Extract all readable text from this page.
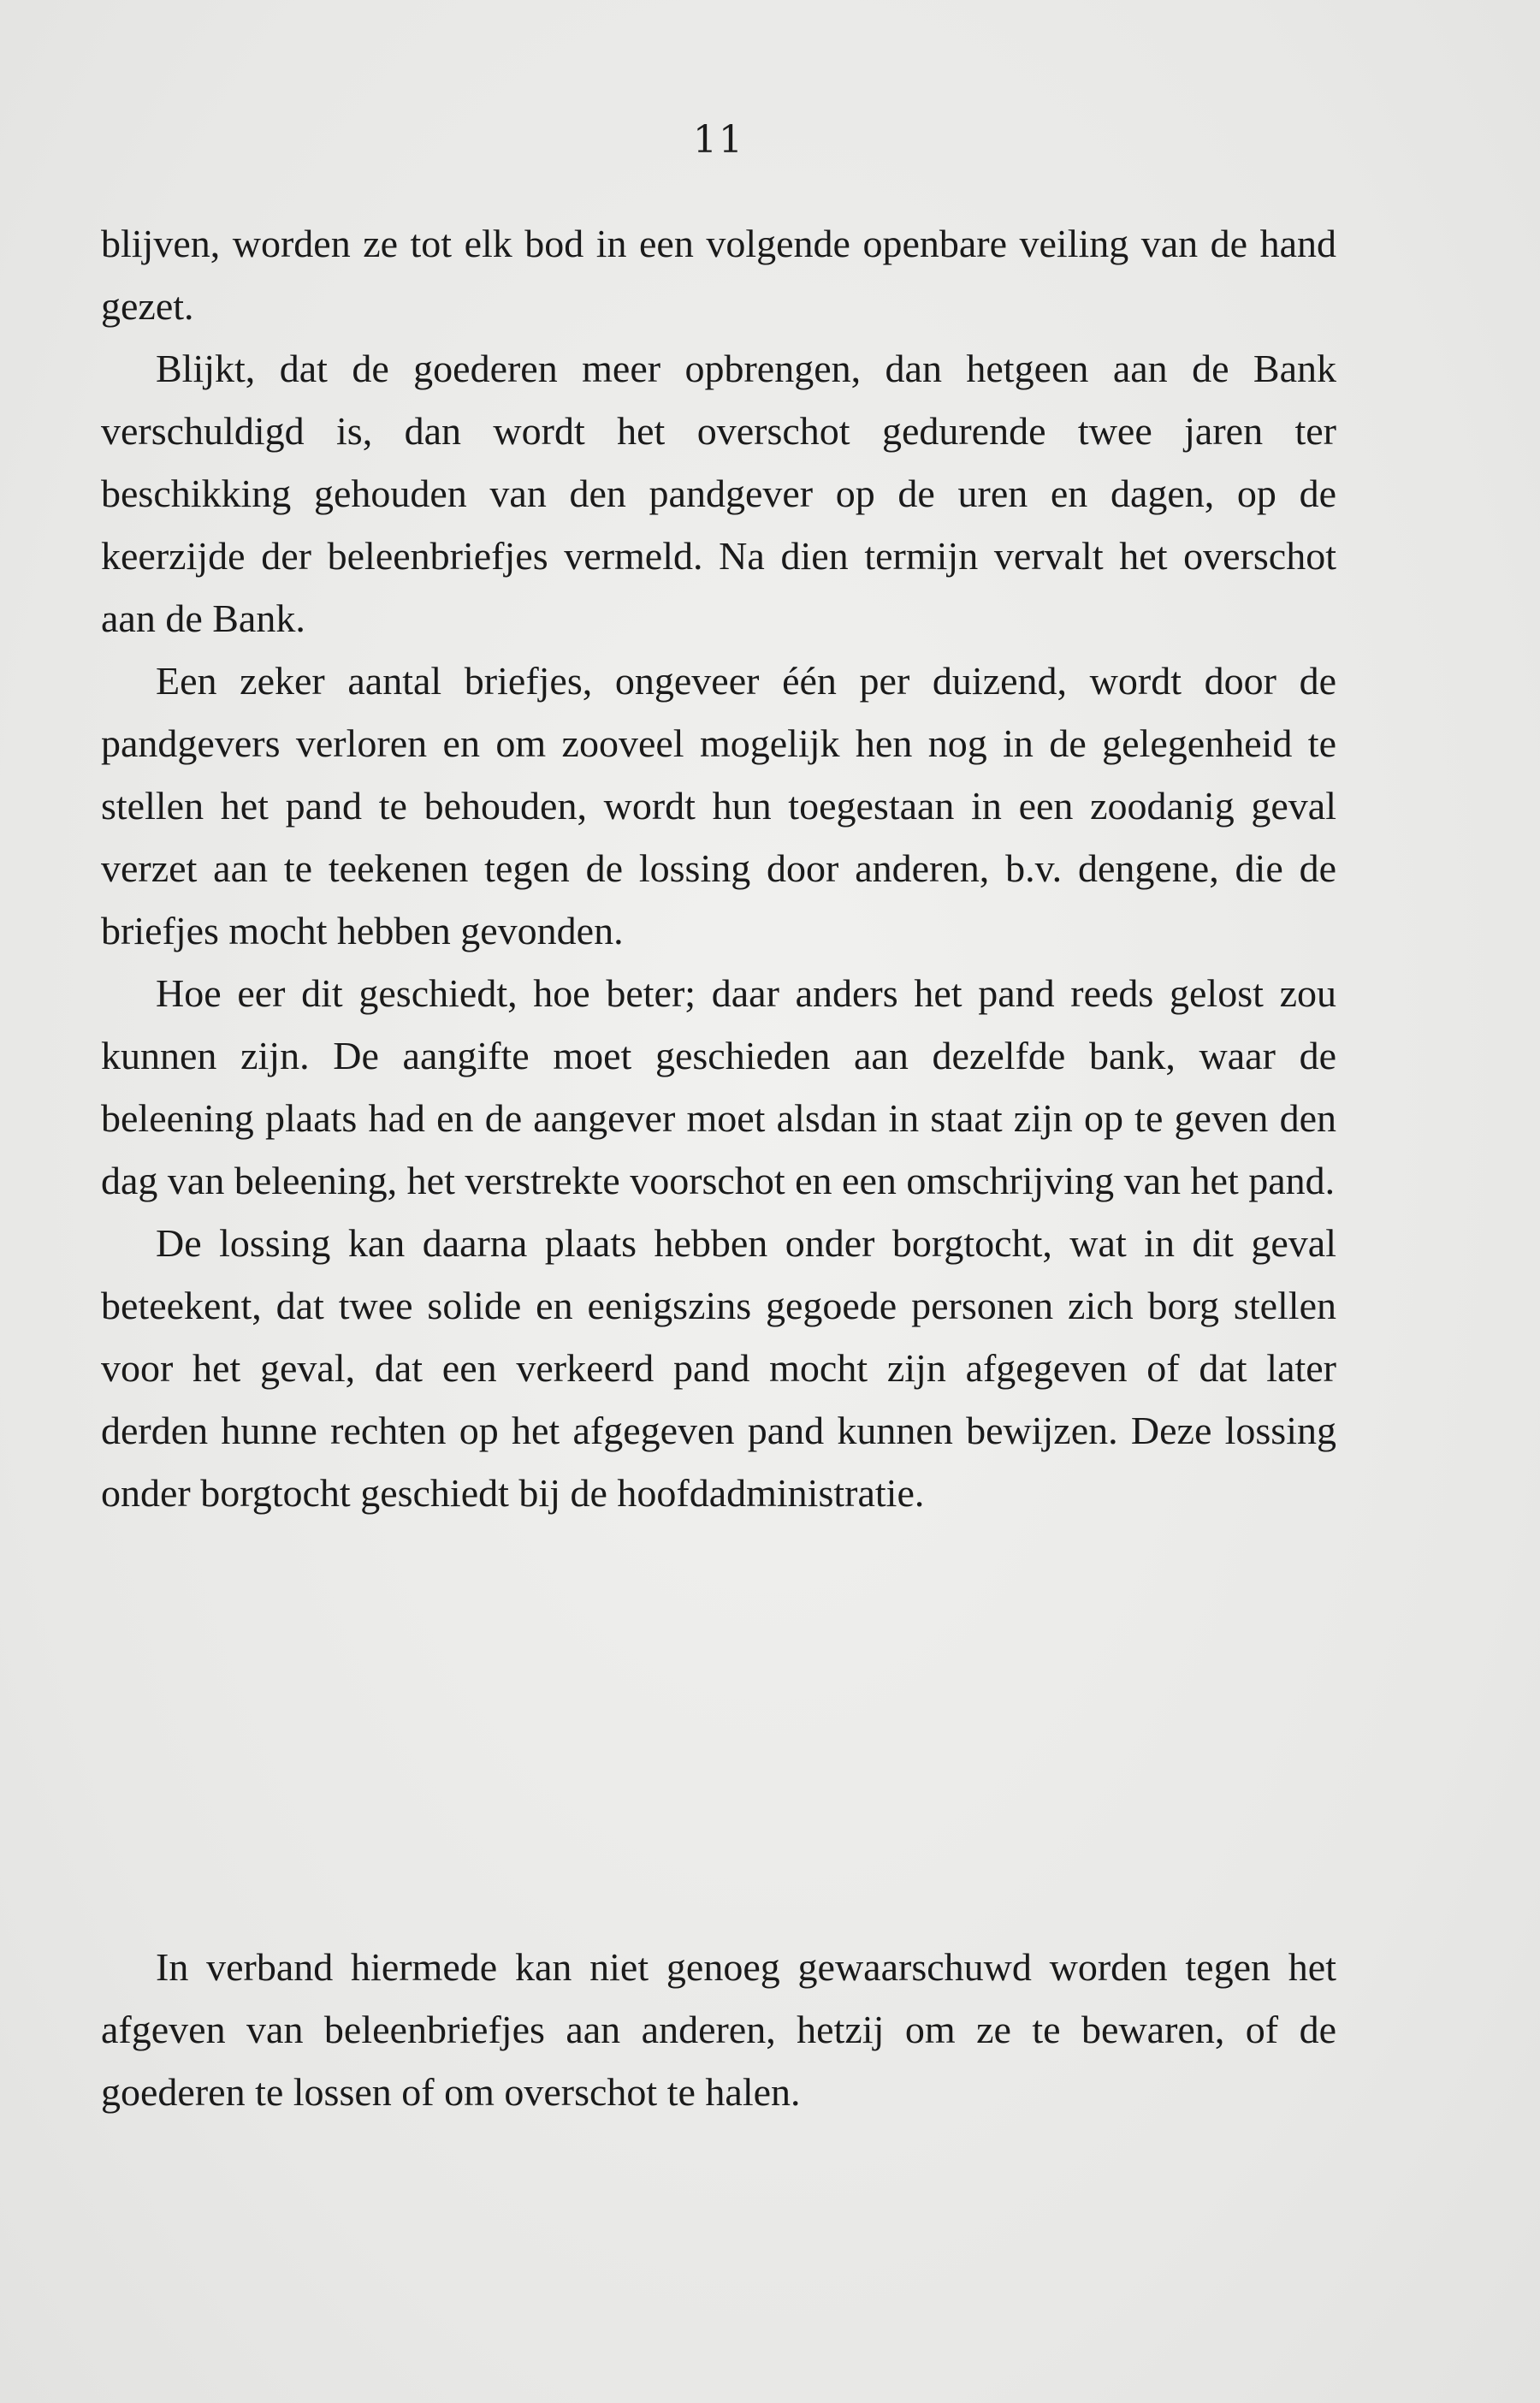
11

blijven, worden ze tot elk bod in een volgende openbare veiling van de hand gezet.

Blijkt, dat de goederen meer opbrengen, dan hetgeen aan de Bank verschuldigd is, dan wordt het overschot gedurende twee jaren ter beschikking gehouden van den pandgever op de uren en dagen, op de keerzijde der beleenbriefjes vermeld. Na dien termijn vervalt het overschot aan de Bank.

Een zeker aantal briefjes, ongeveer één per duizend, wordt door de pandgevers verloren en om zooveel mogelijk hen nog in de gelegenheid te stellen het pand te behouden, wordt hun toegestaan in een zoodanig geval verzet aan te teekenen tegen de lossing door anderen, b.v. dengene, die de briefjes mocht hebben gevonden.

Hoe eer dit geschiedt, hoe beter; daar anders het pand reeds gelost zou kunnen zijn. De aangifte moet geschieden aan dezelfde bank, waar de beleening plaats had en de aangever moet alsdan in staat zijn op te geven den dag van beleening, het verstrekte voorschot en een omschrijving van het pand.

De lossing kan daarna plaats hebben onder borgtocht, wat in dit geval beteekent, dat twee solide en eenigszins gegoede personen zich borg stellen voor het geval, dat een verkeerd pand mocht zijn afgegeven of dat later derden hunne rechten op het afgegeven pand kunnen bewijzen. Deze lossing onder borgtocht geschiedt bij de hoofdadministratie.

In verband hiermede kan niet genoeg gewaarschuwd worden tegen het afgeven van beleenbriefjes aan anderen, hetzij om ze te bewaren, of de goederen te lossen of om overschot te halen.
